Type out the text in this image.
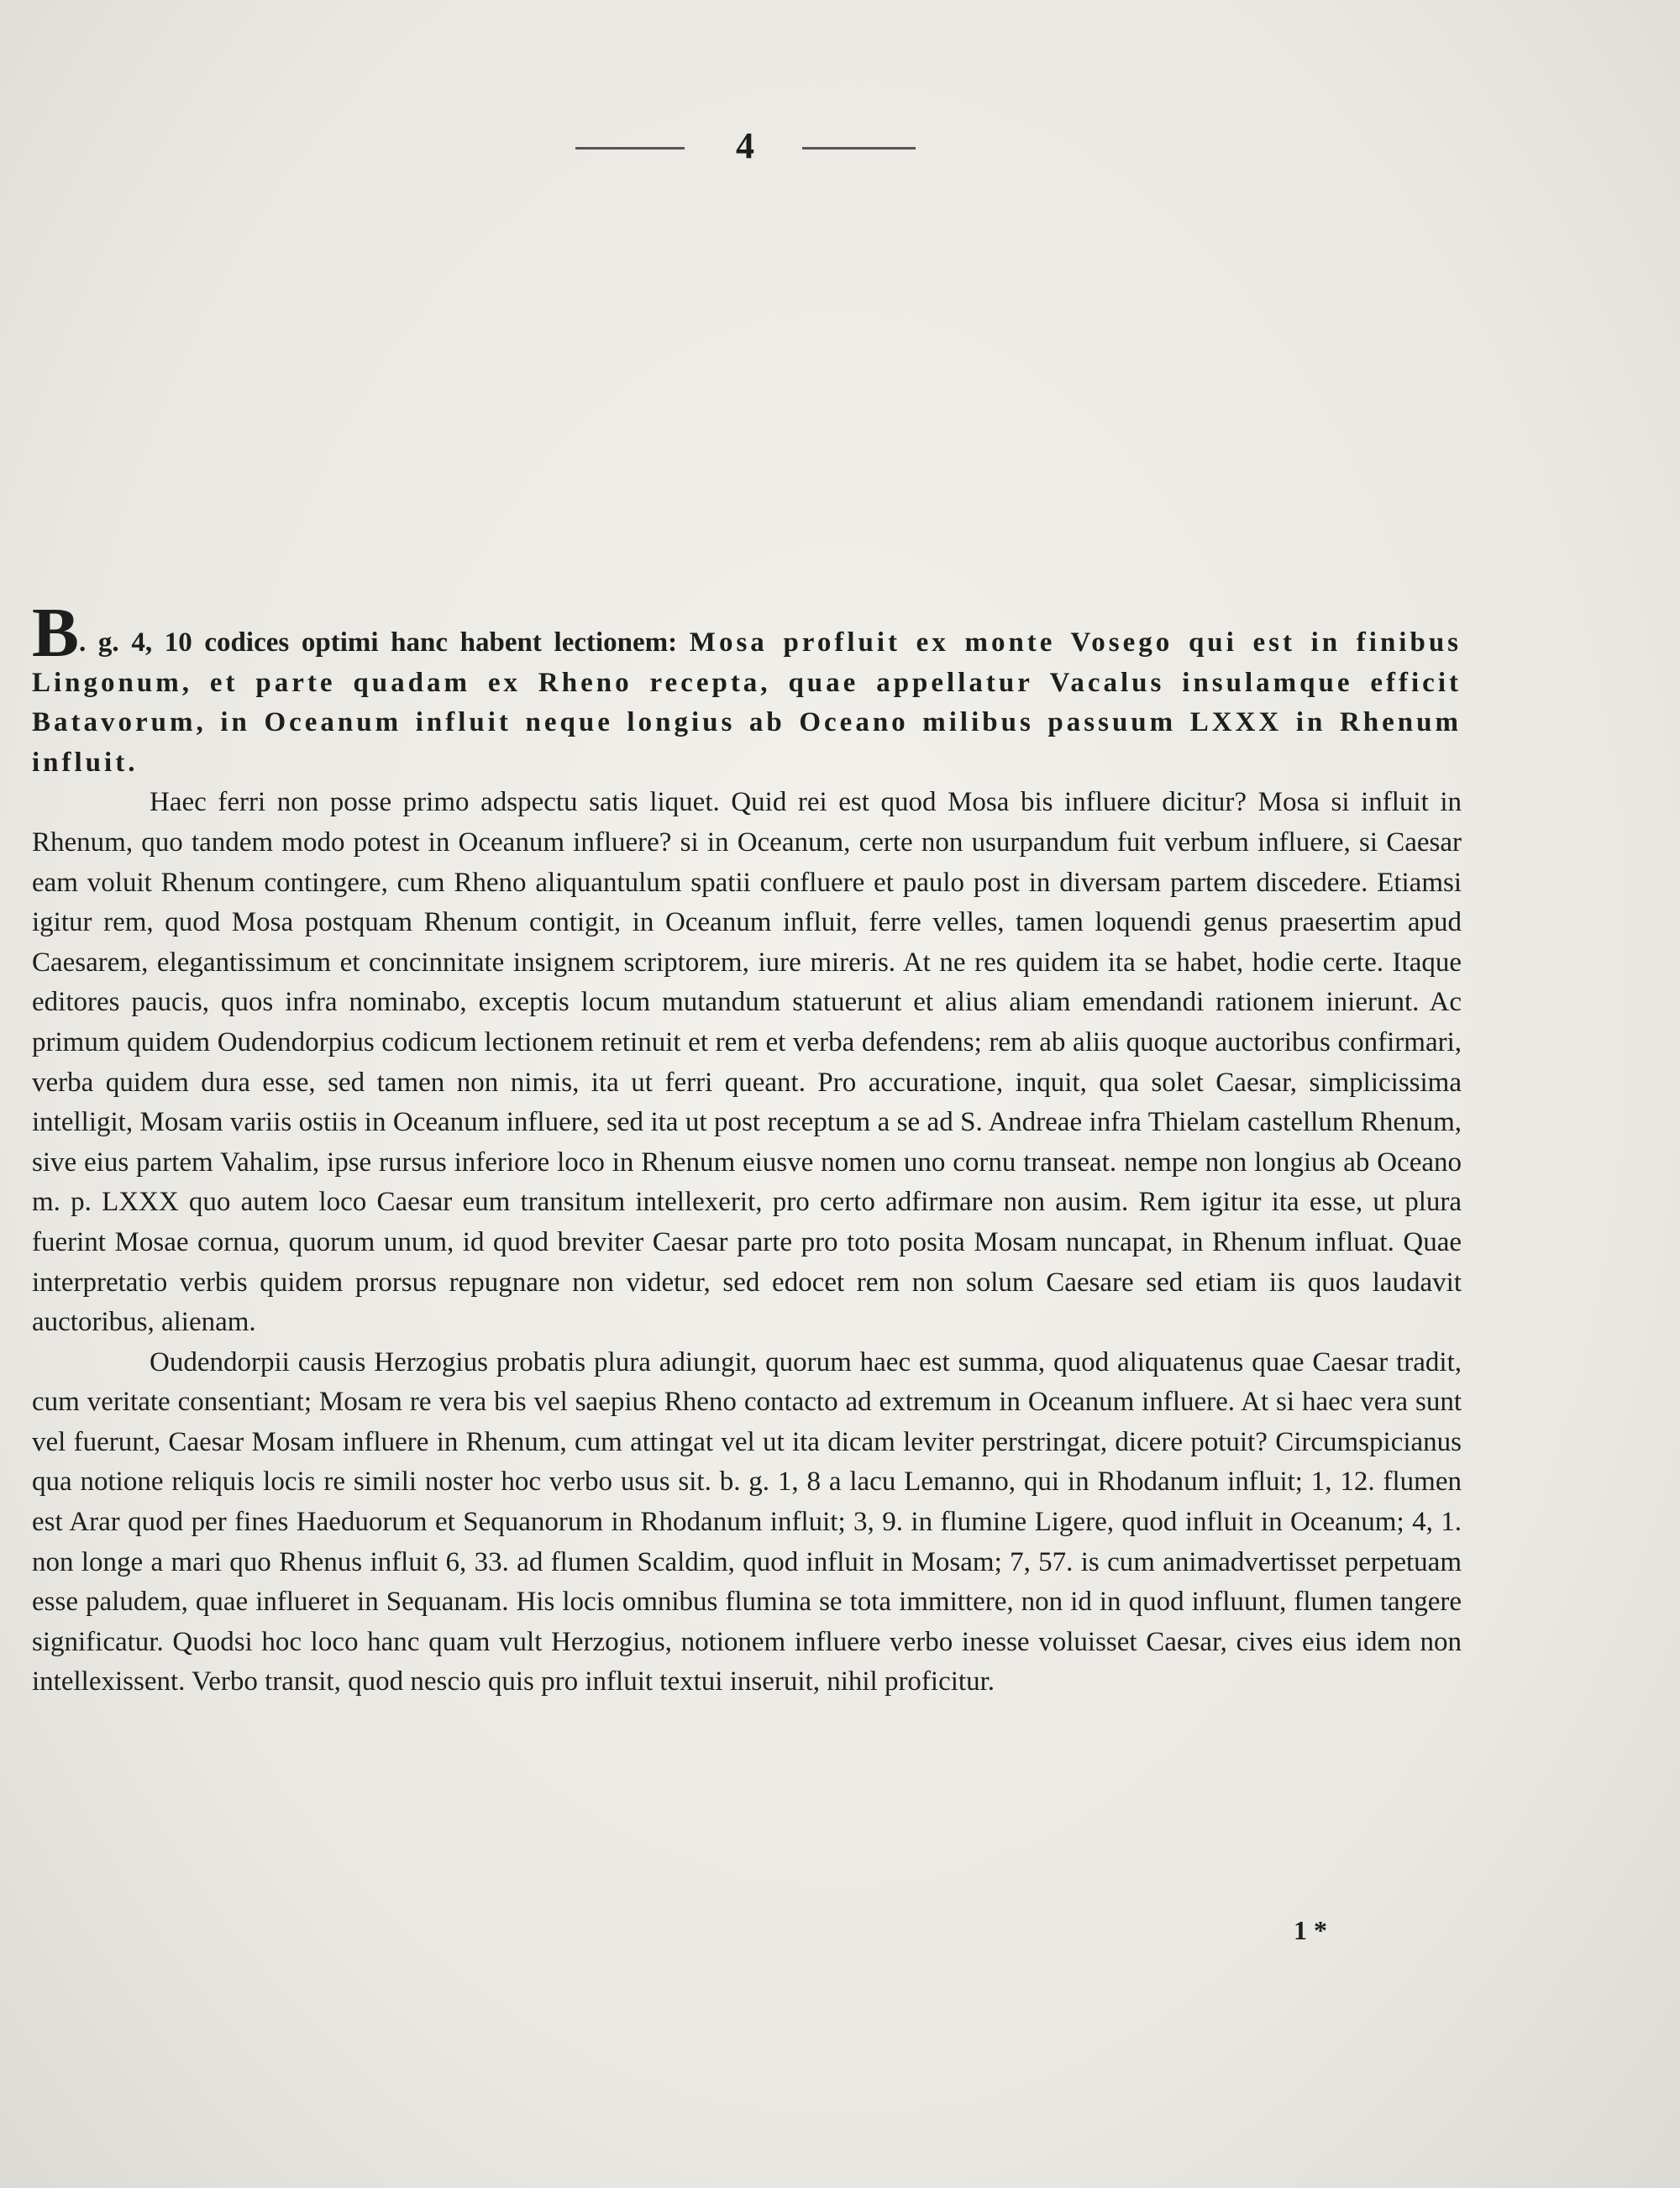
4

B. g. 4, 10 codices optimi hanc habent lectionem: Mosa profluit ex monte Vosego qui est in finibus Lingonum, et parte quadam ex Rheno recepta, quae appellatur Vacalus insulamque efficit Batavorum, in Oceanum influit neque longius ab Oceano milibus passuum LXXX in Rhenum influit.

Haec ferri non posse primo adspectu satis liquet. Quid rei est quod Mosa bis influere dicitur? Mosa si influit in Rhenum, quo tandem modo potest in Oceanum influere? si in Oceanum, certe non usurpandum fuit verbum influere, si Caesar eam voluit Rhenum contingere, cum Rheno aliquantulum spatii confluere et paulo post in diversam partem discedere. Etiamsi igitur rem, quod Mosa postquam Rhenum contigit, in Oceanum influit, ferre velles, tamen loquendi genus praesertim apud Caesarem, elegantissimum et concinnitate insignem scriptorem, iure mireris. At ne res quidem ita se habet, hodie certe. Itaque editores paucis, quos infra nominabo, exceptis locum mutandum statuerunt et alius aliam emendandi rationem inierunt. Ac primum quidem Oudendorpius codicum lectionem retinuit et rem et verba defendens; rem ab aliis quoque auctoribus confirmari, verba quidem dura esse, sed tamen non nimis, ita ut ferri queant. Pro accuratione, inquit, qua solet Caesar, simplicissima intelligit, Mosam variis ostiis in Oceanum influere, sed ita ut post receptum a se ad S. Andreae infra Thielam castellum Rhenum, sive eius partem Vahalim, ipse rursus inferiore loco in Rhenum eiusve nomen uno cornu transeat. nempe non longius ab Oceano m. p. LXXX quo autem loco Caesar eum transitum intellexerit, pro certo adfirmare non ausim. Rem igitur ita esse, ut plura fuerint Mosae cornua, quorum unum, id quod breviter Caesar parte pro toto posita Mosam nuncapat, in Rhenum influat. Quae interpretatio verbis quidem prorsus repugnare non videtur, sed edocet rem non solum Caesare sed etiam iis quos laudavit auctoribus, alienam.

Oudendorpii causis Herzogius probatis plura adiungit, quorum haec est summa, quod aliquatenus quae Caesar tradit, cum veritate consentiant; Mosam re vera bis vel saepius Rheno contacto ad extremum in Oceanum influere. At si haec vera sunt vel fuerunt, Caesar Mosam influere in Rhenum, cum attingat vel ut ita dicam leviter perstringat, dicere potuit? Circumspicianus qua notione reliquis locis re simili noster hoc verbo usus sit. b. g. 1, 8 a lacu Lemanno, qui in Rhodanum influit; 1, 12. flumen est Arar quod per fines Haeduorum et Sequanorum in Rhodanum influit; 3, 9. in flumine Ligere, quod influit in Oceanum; 4, 1. non longe a mari quo Rhenus influit 6, 33. ad flumen Scaldim, quod influit in Mosam; 7, 57. is cum animadvertisset perpetuam esse paludem, quae influeret in Sequanam. His locis omnibus flumina se tota immittere, non id in quod influunt, flumen tangere significatur. Quodsi hoc loco hanc quam vult Herzogius, notionem influere verbo inesse voluisset Caesar, cives eius idem non intellexissent. Verbo transit, quod nescio quis pro influit textui inseruit, nihil proficitur.

1 *
